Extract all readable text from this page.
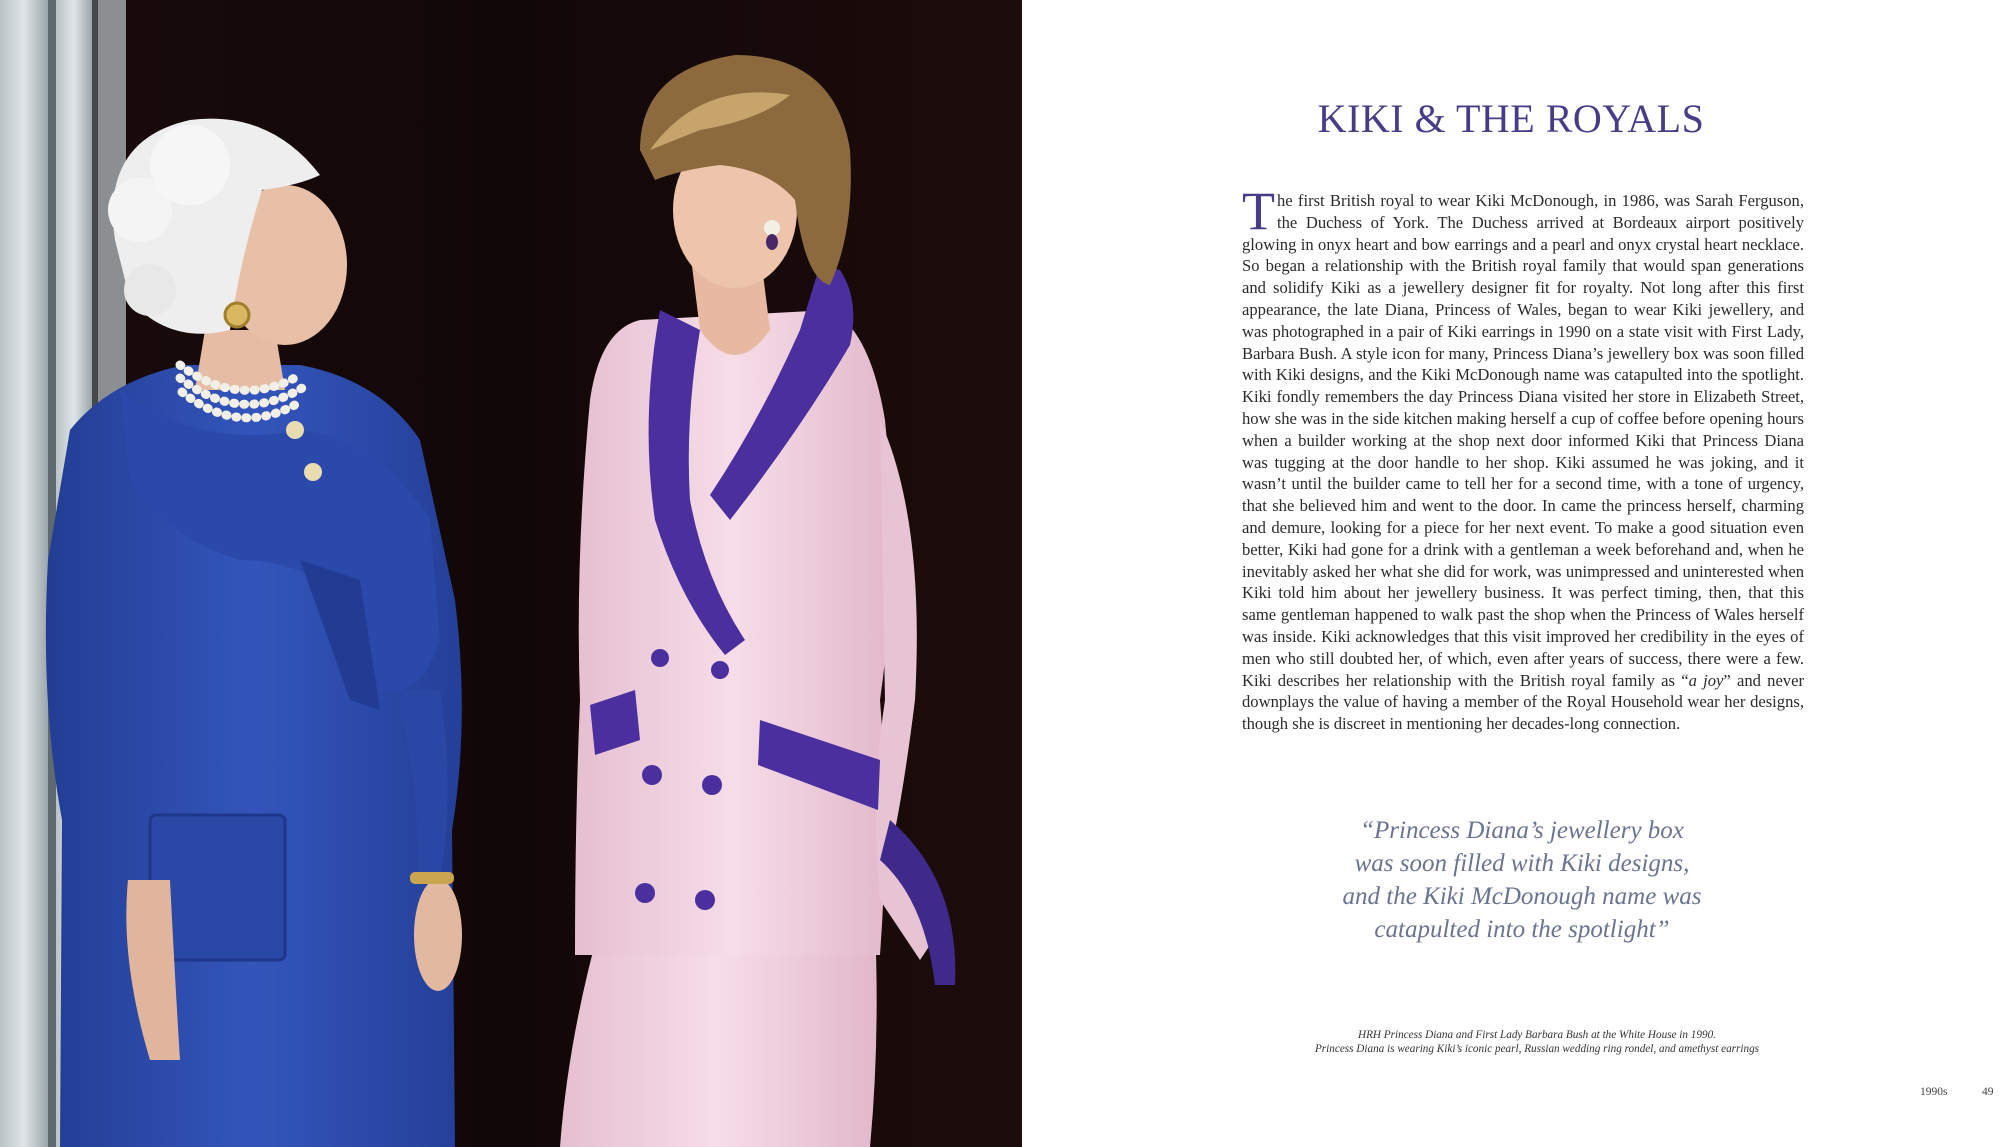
KIKI & THE ROYALS
The first British royal to wear Kiki McDonough, in 1986, was Sarah Ferguson, the Duchess of York. The Duchess arrived at Bordeaux airport positively glowing in onyx heart and bow earrings and a pearl and onyx crystal heart necklace. So began a relationship with the British royal family that would span generations and solidify Kiki as a jewellery designer fit for royalty. Not long after this first appearance, the late Diana, Princess of Wales, began to wear Kiki jewellery, and was photographed in a pair of Kiki earrings in 1990 on a state visit with First Lady, Barbara Bush. A style icon for many, Princess Diana’s jewellery box was soon filled with Kiki designs, and the Kiki McDonough name was catapulted into the spotlight. Kiki fondly remembers the day Princess Diana visited her store in Elizabeth Street, how she was in the side kitchen making herself a cup of coffee before opening hours when a builder working at the shop next door informed Kiki that Princess Diana was tugging at the door handle to her shop. Kiki assumed he was joking, and it wasn’t until the builder came to tell her for a second time, with a tone of urgency, that she believed him and went to the door. In came the princess herself, charming and demure, looking for a piece for her next event. To make a good situation even better, Kiki had gone for a drink with a gentleman a week beforehand and, when he inevitably asked her what she did for work, was unimpressed and uninterested when Kiki told him about her jewellery business. It was perfect timing, then, that this same gentleman happened to walk past the shop when the Princess of Wales herself was inside. Kiki acknowledges that this visit improved her credibility in the eyes of men who still doubted her, of which, even after years of success, there were a few. Kiki describes her relationship with the British royal family as “a joy” and never downplays the value of having a member of the Royal Household wear her designs, though she is discreet in mentioning her decades-long connection.
“Princess Diana’s jewellery box
was soon filled with Kiki designs,
and the Kiki McDonough name was
catapulted into the spotlight”
HRH Princess Diana and First Lady Barbara Bush at the White House in 1990.
Princess Diana is wearing Kiki’s iconic pearl, Russian wedding ring rondel, and amethyst earrings
1990s	49
